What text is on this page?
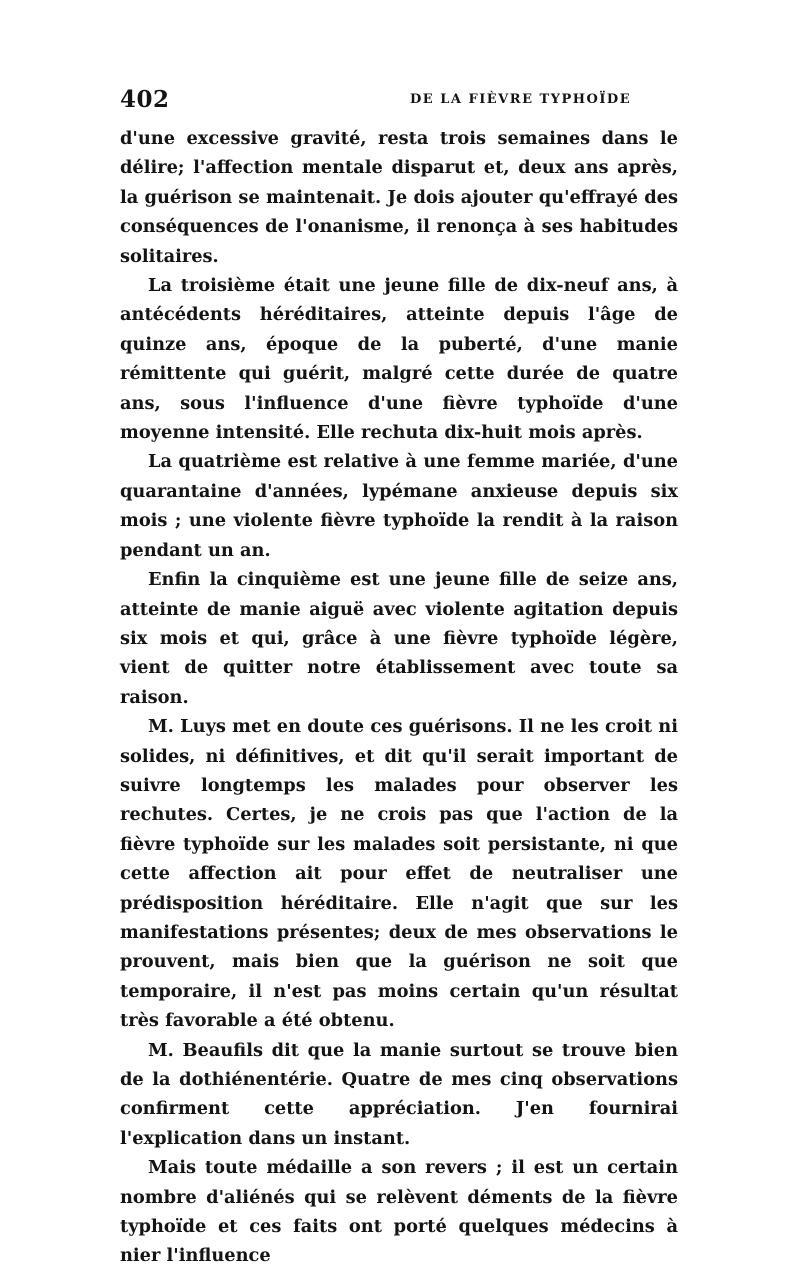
402	DE LA FIÈVRE TYPHOÏDE

d'une excessive gravité, resta trois semaines dans le délire; l'affection mentale disparut et, deux ans après, la guérison se maintenait. Je dois ajouter qu'effrayé des conséquences de l'onanisme, il renonça à ses habitudes solitaires.

La troisième était une jeune fille de dix-neuf ans, à antécédents héréditaires, atteinte depuis l'âge de quinze ans, époque de la puberté, d'une manie rémittente qui guérit, malgré cette durée de quatre ans, sous l'influence d'une fièvre typhoïde d'une moyenne intensité. Elle rechuta dix-huit mois après.

La quatrième est relative à une femme mariée, d'une quarantaine d'années, lypémane anxieuse depuis six mois ; une violente fièvre typhoïde la rendit à la raison pendant un an.

Enfin la cinquième est une jeune fille de seize ans, atteinte de manie aiguë avec violente agitation depuis six mois et qui, grâce à une fièvre typhoïde légère, vient de quitter notre établissement avec toute sa raison.

M. Luys met en doute ces guérisons. Il ne les croit ni solides, ni définitives, et dit qu'il serait important de suivre longtemps les malades pour observer les rechutes. Certes, je ne crois pas que l'action de la fièvre typhoïde sur les malades soit persistante, ni que cette affection ait pour effet de neutraliser une prédisposition héréditaire. Elle n'agit que sur les manifestations présentes; deux de mes observations le prouvent, mais bien que la guérison ne soit que temporaire, il n'est pas moins certain qu'un résultat très favorable a été obtenu.

M. Beaufils dit que la manie surtout se trouve bien de la dothiénentérie. Quatre de mes cinq observations confirment cette appréciation. J'en fournirai l'explication dans un instant.

Mais toute médaille a son revers ; il est un certain nombre d'aliénés qui se relèvent déments de la fièvre typhoïde et ces faits ont porté quelques médecins à nier l'influence
